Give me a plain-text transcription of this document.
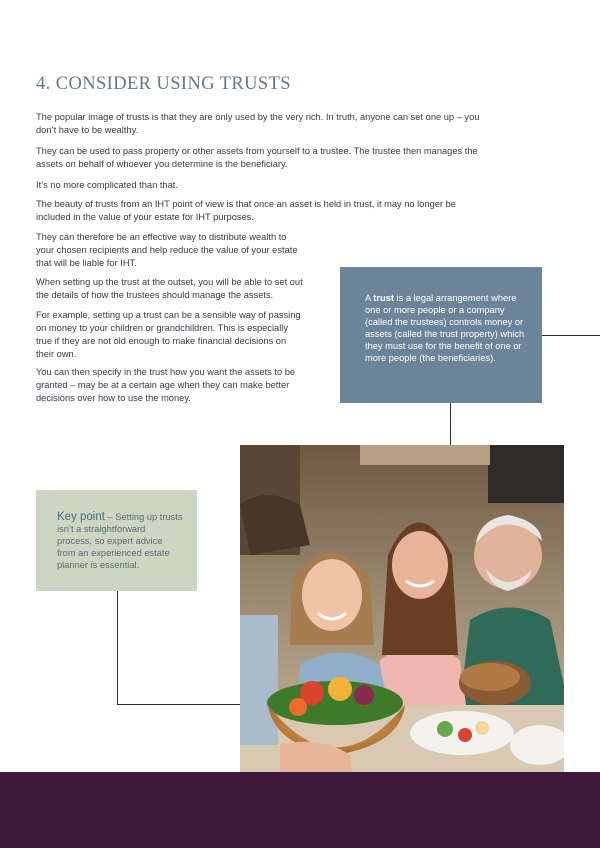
4. CONSIDER USING TRUSTS

The popular image of trusts is that they are only used by the very rich. In truth, anyone can set one up – you don’t have to be wealthy.

They can be used to pass property or other assets from yourself to a trustee. The trustee then manages the assets on behalf of whoever you determine is the beneficiary.

It’s no more complicated than that.

The beauty of trusts from an IHT point of view is that once an asset is held in trust, it may no longer be included in the value of your estate for IHT purposes.

They can therefore be an effective way to distribute wealth to your chosen recipients and help reduce the value of your estate that will be liable for IHT.

When setting up the trust at the outset, you will be able to set out the details of how the trustees should manage the assets.

For example, setting up a trust can be a sensible way of passing on money to your children or grandchildren. This is especially true if they are not old enough to make financial decisions on their own.

You can then specify in the trust how you want the assets to be granted – may be at a certain age when they can make better decisions over how to use the money.

A trust is a legal arrangement where one or more people or a company (called the trustees) controls money or assets (called the trust property) which they must use for the benefit of one or more people (the beneficiaries).
Key point – Setting up trusts isn’t a straightforward process, so expert advice from an experienced estate planner is essential.
